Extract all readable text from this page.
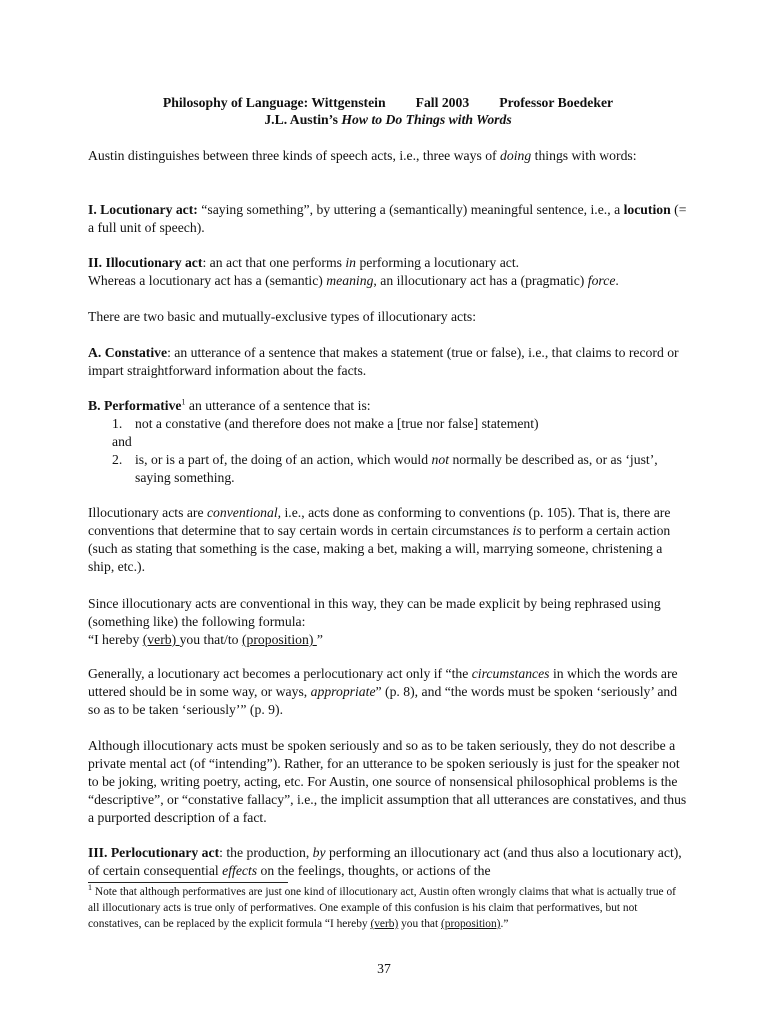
Philosophy of Language: Wittgenstein Fall 2003 Professor Boedeker
J.L. Austin’s How to Do Things with Words
Austin distinguishes between three kinds of speech acts, i.e., three ways of doing things with words:
I. Locutionary act: “saying something”, by uttering a (semantically) meaningful sentence, i.e., a locution (= a full unit of speech).
II. Illocutionary act: an act that one performs in performing a locutionary act.
Whereas a locutionary act has a (semantic) meaning, an illocutionary act has a (pragmatic) force.
There are two basic and mutually-exclusive types of illocutionary acts:
A. Constative: an utterance of a sentence that makes a statement (true or false), i.e., that claims to record or impart straightforward information about the facts.
B. Performative$^1$ an utterance of a sentence that is:
1. not a constative (and therefore does not make a [true nor false] statement)
and
2. is, or is a part of, the doing of an action, which would not normally be described as, or as ‘just’, saying something.
Illocutionary acts are conventional, i.e., acts done as conforming to conventions (p. 105). That is, there are conventions that determine that to say certain words in certain circumstances is to perform a certain action (such as stating that something is the case, making a bet, making a will, marrying someone, christening a ship, etc.).
Since illocutionary acts are conventional in this way, they can be made explicit by being rephrased using (something like) the following formula:
“I hereby (verb) you that/to (proposition) ”
Generally, a locutionary act becomes a perlocutionary act only if “the circumstances in which the words are uttered should be in some way, or ways, appropriate” (p. 8), and “the words must be spoken ‘seriously’ and so as to be taken ‘seriously’” (p. 9).
Although illocutionary acts must be spoken seriously and so as to be taken seriously, they do not describe a private mental act (of “intending”). Rather, for an utterance to be spoken seriously is just for the speaker not to be joking, writing poetry, acting, etc. For Austin, one source of nonsensical philosophical problems is the “descriptive”, or “constative fallacy”, i.e., the implicit assumption that all utterances are constatives, and thus a purported description of a fact.
III. Perlocutionary act: the production, by performing an illocutionary act (and thus also a locutionary act), of certain consequential effects on the feelings, thoughts, or actions of the
$^1$ Note that although performatives are just one kind of illocutionary act, Austin often wrongly claims that what is actually true of all illocutionary acts is true only of performatives. One example of this confusion is his claim that performatives, but not constatives, can be replaced by the explicit formula “I hereby (verb) you that (proposition).”
37
